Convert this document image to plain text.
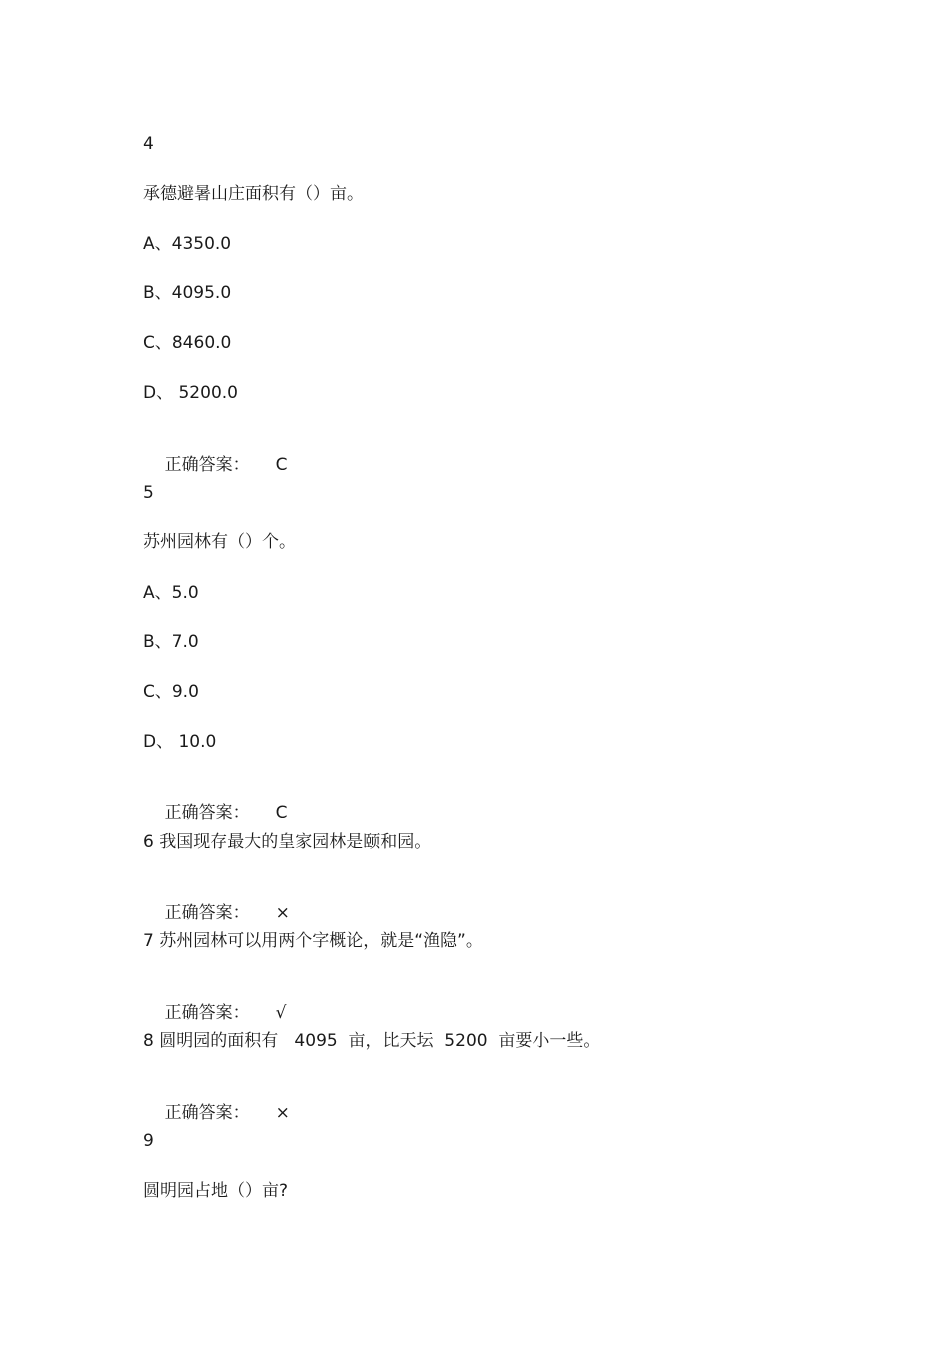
4
承德避暑山庄面积有（）亩。
A、4350.0
B、4095.0
C、8460.0
D、 5200.0

正确答案： C

5
苏州园林有（）个。
A、5.0
B、7.0
C、9.0
D、 10.0

正确答案： C

6 我国现存最大的皇家园林是颐和园。

正确答案： ×

7 苏州园林可以用两个字概论，就是“渔隐”。

正确答案： √

8 圆明园的面积有   4095  亩，比天坛  5200  亩要小一些。

正确答案： ×

9
圆明园占地（）亩?
